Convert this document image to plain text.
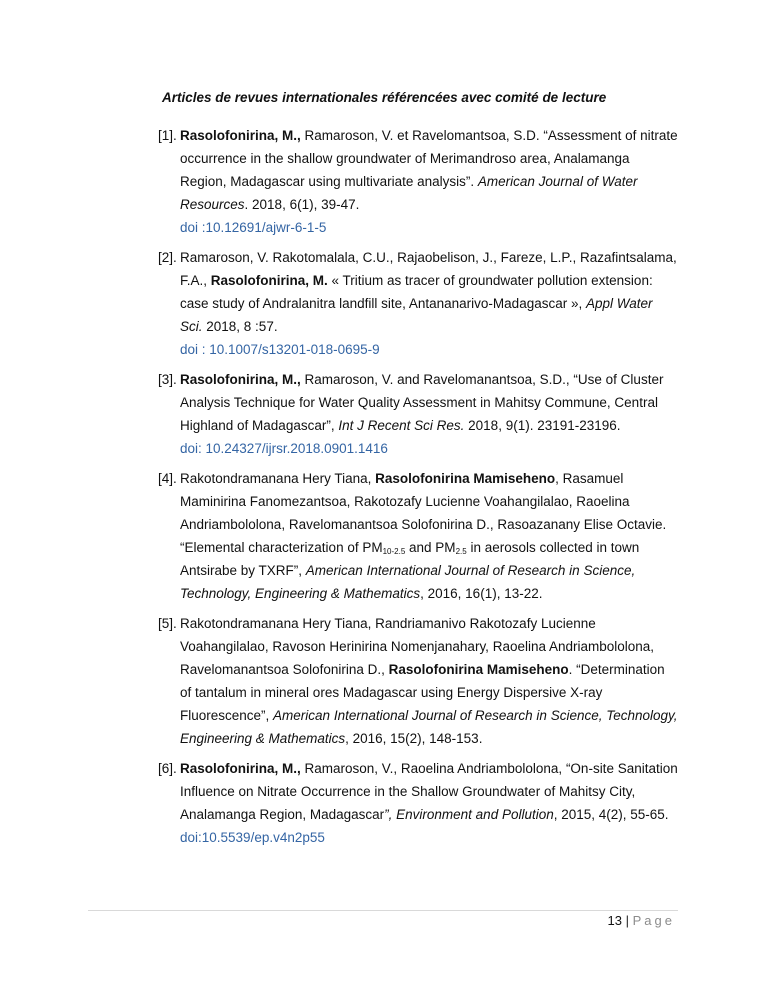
Articles de revues internationales référencées avec comité de lecture
[1]. Rasolofonirina, M., Ramaroson, V. et Ravelomantsoa, S.D. “Assessment of nitrate occurrence in the shallow groundwater of Merimandroso area, Analamanga Region, Madagascar using multivariate analysis”. American Journal of Water Resources. 2018, 6(1), 39-47.
doi :10.12691/ajwr-6-1-5
[2]. Ramaroson, V. Rakotomalala, C.U., Rajaobelison, J., Fareze, L.P., Razafintsalama, F.A., Rasolofonirina, M. « Tritium as tracer of groundwater pollution extension: case study of Andralanitra landfill site, Antananarivo-Madagascar », Appl Water Sci. 2018, 8 :57.
doi : 10.1007/s13201-018-0695-9
[3]. Rasolofonirina, M., Ramaroson, V. and Ravelomanantsoa, S.D., “Use of Cluster Analysis Technique for Water Quality Assessment in Mahitsy Commune, Central Highland of Madagascar”, Int J Recent Sci Res. 2018, 9(1). 23191-23196.
doi: 10.24327/ijrsr.2018.0901.1416
[4]. Rakotondramanana Hery Tiana, Rasolofonirina Mamiseheno, Rasamuel Maminirina Fanomezantsoa, Rakotozafy Lucienne Voahangilalao, Raoelina Andriambololona, Ravelomanantsoa Solofonirina D., Rasoazanany Elise Octavie. “Elemental characterization of $PM_{10-2.5}$ and $PM_{2.5}$ in aerosols collected in town Antsirabe by TXRF”, American International Journal of Research in Science, Technology, Engineering & Mathematics, 2016, 16(1), 13-22.
[5]. Rakotondramanana Hery Tiana, Randriamanivo Rakotozafy Lucienne Voahangilalao, Ravoson Herinirina Nomenjanahary, Raoelina Andriambololona, Ravelomanantsoa Solofonirina D., Rasolofonirina Mamiseheno. “Determination of tantalum in mineral ores Madagascar using Energy Dispersive X-ray Fluorescence”, American International Journal of Research in Science, Technology, Engineering & Mathematics, 2016, 15(2), 148-153.
[6]. Rasolofonirina, M., Ramaroson, V., Raoelina Andriambololona, “On-site Sanitation Influence on Nitrate Occurrence in the Shallow Groundwater of Mahitsy City, Analamanga Region, Madagascar”, Environment and Pollution, 2015, 4(2), 55-65.
doi:10.5539/ep.v4n2p55
13 | Page
